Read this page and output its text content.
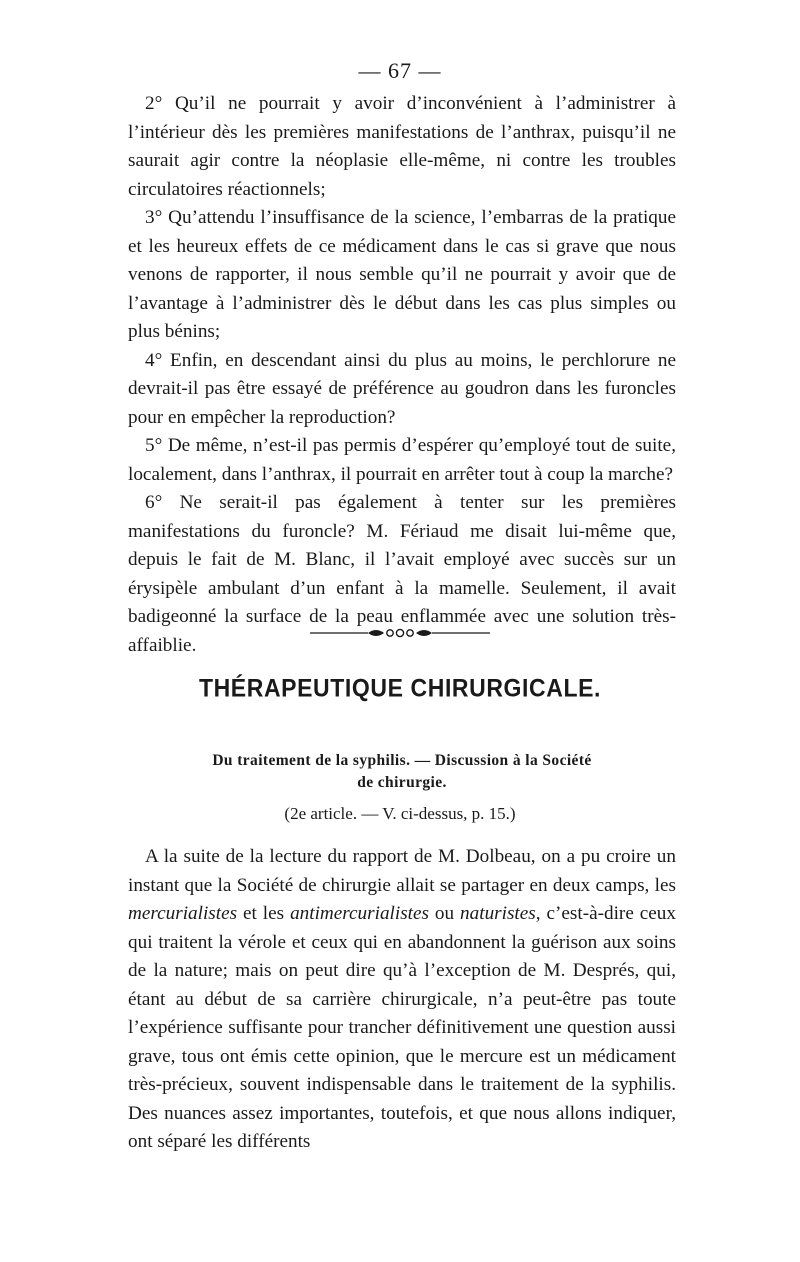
— 67 —

2° Qu’il ne pourrait y avoir d’inconvénient à l’administrer à l’intérieur dès les premières manifestations de l’anthrax, puisqu’il ne saurait agir contre la néoplasie elle-même, ni contre les troubles circulatoires réactionnels;

3° Qu’attendu l’insuffisance de la science, l’embarras de la pratique et les heureux effets de ce médicament dans le cas si grave que nous venons de rapporter, il nous semble qu’il ne pourrait y avoir que de l’avantage à l’administrer dès le début dans les cas plus simples ou plus bénins;

4° Enfin, en descendant ainsi du plus au moins, le perchlorure ne devrait-il pas être essayé de préférence au goudron dans les furoncles pour en empêcher la reproduction?

5° De même, n’est-il pas permis d’espérer qu’employé tout de suite, localement, dans l’anthrax, il pourrait en arrêter tout à coup la marche?

6° Ne serait-il pas également à tenter sur les premières manifestations du furoncle? M. Fériaud me disait lui-même que, depuis le fait de M. Blanc, il l’avait employé avec succès sur un érysipèle ambulant d’un enfant à la mamelle. Seulement, il avait badigeonné la surface de la peau enflammée avec une solution très-affaiblie.

THÉRAPEUTIQUE CHIRURGICALE.
Du traitement de la syphilis. — Discussion à la Société
de chirurgie.
(2e article. — V. ci-dessus, p. 15.)

A la suite de la lecture du rapport de M. Dolbeau, on a pu croire un instant que la Société de chirurgie allait se partager en deux camps, les mercurialistes et les antimercurialistes ou naturistes, c’est-à-dire ceux qui traitent la vérole et ceux qui en abandonnent la guérison aux soins de la nature; mais on peut dire qu’à l’exception de M. Després, qui, étant au début de sa carrière chirurgicale, n’a peut-être pas toute l’expérience suffisante pour trancher définitivement une question aussi grave, tous ont émis cette opinion, que le mercure est un médicament très-précieux, souvent indispensable dans le traitement de la syphilis. Des nuances assez importantes, toutefois, et que nous allons indiquer, ont séparé les différents
